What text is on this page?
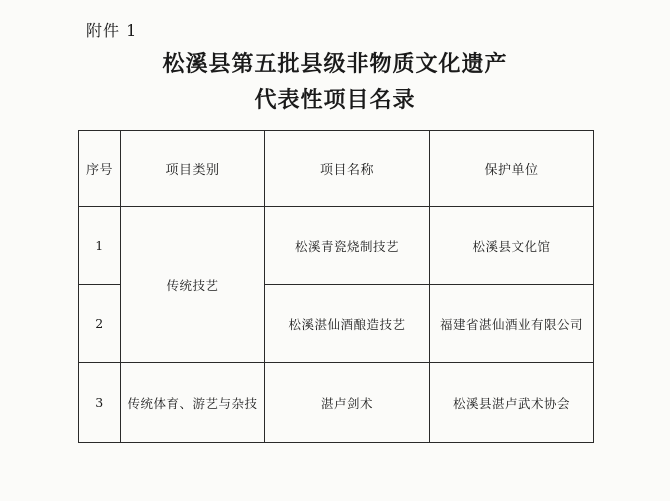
附件 1
松溪县第五批县级非物质文化遗产
代表性项目名录
序号	项目类别	项目名称	保护单位
1	传统技艺	松溪青瓷烧制技艺	松溪县文化馆
2		松溪湛仙酒酿造技艺	福建省湛仙酒业有限公司
3	传统体育、游艺与杂技	湛卢剑术	松溪县湛卢武术协会
